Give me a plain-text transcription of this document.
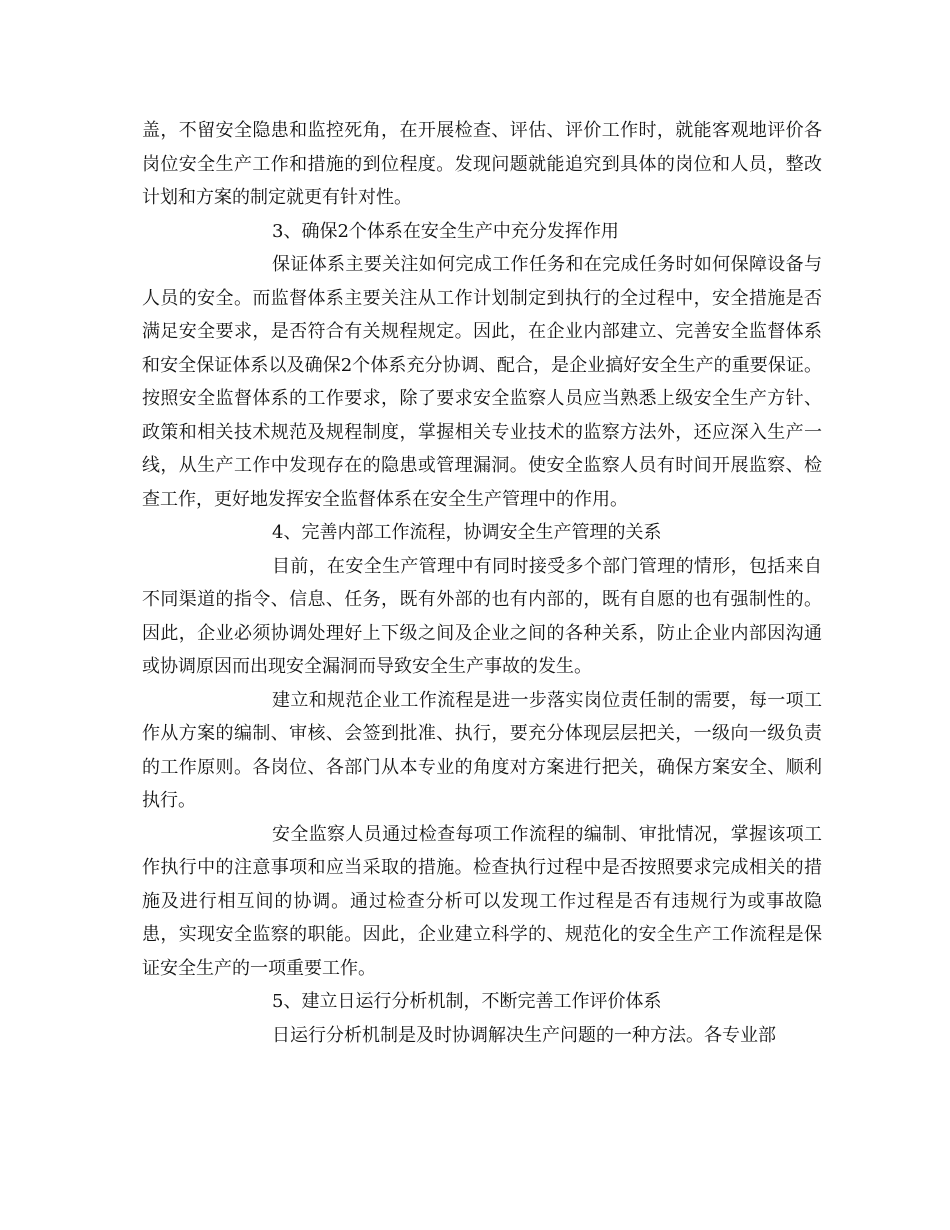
盖，不留安全隐患和监控死角，在开展检查、评估、评价工作时，就能客观地评价各岗位安全生产工作和措施的到位程度。发现问题就能追究到具体的岗位和人员，整改计划和方案的制定就更有针对性。

3、确保2个体系在安全生产中充分发挥作用

保证体系主要关注如何完成工作任务和在完成任务时如何保障设备与人员的安全。而监督体系主要关注从工作计划制定到执行的全过程中，安全措施是否满足安全要求，是否符合有关规程规定。因此，在企业内部建立、完善安全监督体系和安全保证体系以及确保2个体系充分协调、配合，是企业搞好安全生产的重要保证。按照安全监督体系的工作要求，除了要求安全监察人员应当熟悉上级安全生产方针、政策和相关技术规范及规程制度，掌握相关专业技术的监察方法外，还应深入生产一线，从生产工作中发现存在的隐患或管理漏洞。使安全监察人员有时间开展监察、检查工作，更好地发挥安全监督体系在安全生产管理中的作用。

4、完善内部工作流程，协调安全生产管理的关系

目前，在安全生产管理中有同时接受多个部门管理的情形，包括来自不同渠道的指令、信息、任务，既有外部的也有内部的，既有自愿的也有强制性的。因此，企业必须协调处理好上下级之间及企业之间的各种关系，防止企业内部因沟通或协调原因而出现安全漏洞而导致安全生产事故的发生。

建立和规范企业工作流程是进一步落实岗位责任制的需要，每一项工作从方案的编制、审核、会签到批准、执行，要充分体现层层把关，一级向一级负责的工作原则。各岗位、各部门从本专业的角度对方案进行把关，确保方案安全、顺利执行。

安全监察人员通过检查每项工作流程的编制、审批情况，掌握该项工作执行中的注意事项和应当采取的措施。检查执行过程中是否按照要求完成相关的措施及进行相互间的协调。通过检查分析可以发现工作过程是否有违规行为或事故隐患，实现安全监察的职能。因此，企业建立科学的、规范化的安全生产工作流程是保证安全生产的一项重要工作。

5、建立日运行分析机制，不断完善工作评价体系

日运行分析机制是及时协调解决生产问题的一种方法。各专业部
